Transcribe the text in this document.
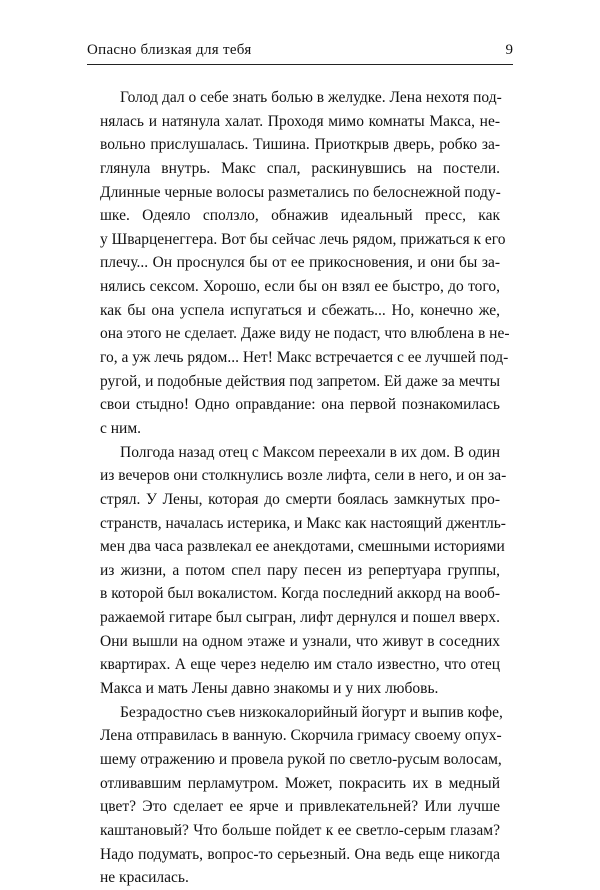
Опасно близкая для тебя	9
Голод дал о себе знать болью в желудке. Лена нехотя под-
нялась и натянула халат. Проходя мимо комнаты Макса, не-
вольно прислушалась. Тишина. Приоткрыв дверь, робко за-
глянула внутрь. Макс спал, раскинувшись на постели.
Длинные черные волосы разметались по белоснежной поду-
шке. Одеяло сползло, обнажив идеальный пресс, как
у Шварценеггера. Вот бы сейчас лечь рядом, прижаться к его
плечу... Он проснулся бы от ее прикосновения, и они бы за-
нялись сексом. Хорошо, если бы он взял ее быстро, до того,
как бы она успела испугаться и сбежать... Но, конечно же,
она этого не сделает. Даже виду не подаст, что влюблена в не-
го, а уж лечь рядом... Нет! Макс встречается с ее лучшей под-
ругой, и подобные действия под запретом. Ей даже за мечты
свои стыдно! Одно оправдание: она первой познакомилась
с ним.
Полгода назад отец с Максом переехали в их дом. В один
из вечеров они столкнулись возле лифта, сели в него, и он за-
стрял. У Лены, которая до смерти боялась замкнутых про-
странств, началась истерика, и Макс как настоящий джентль-
мен два часа развлекал ее анекдотами, смешными историями
из жизни, а потом спел пару песен из репертуара группы,
в которой был вокалистом. Когда последний аккорд на вооб-
ражаемой гитаре был сыгран, лифт дернулся и пошел вверх.
Они вышли на одном этаже и узнали, что живут в соседних
квартирах. А еще через неделю им стало известно, что отец
Макса и мать Лены давно знакомы и у них любовь.
Безрадостно съев низкокалорийный йогурт и выпив кофе,
Лена отправилась в ванную. Скорчила гримасу своему опух-
шему отражению и провела рукой по светло-русым волосам,
отливавшим перламутром. Может, покрасить их в медный
цвет? Это сделает ее ярче и привлекательней? Или лучше
каштановый? Что больше пойдет к ее светло-серым глазам?
Надо подумать, вопрос-то серьезный. Она ведь еще никогда
не красилась.
